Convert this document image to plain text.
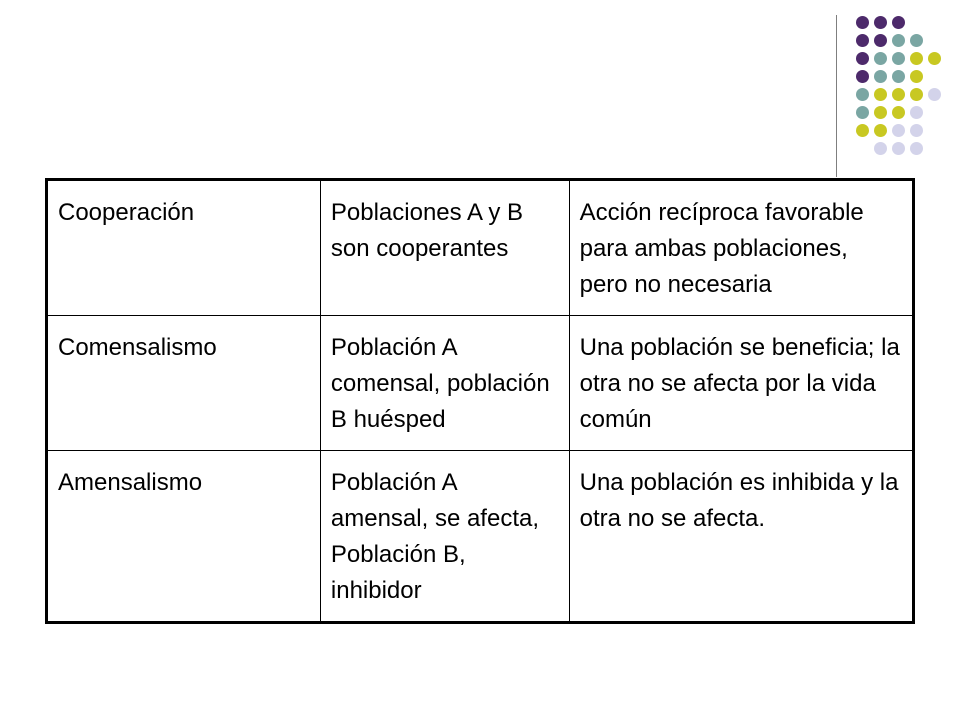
Cooperación	Poblaciones A y B son cooperantes	Acción recíproca favorable para ambas poblaciones, pero no necesaria
Comensalismo	Población A comensal, población B huésped	Una población se beneficia; la otra no se afecta por la vida común
Amensalismo	Población A amensal, se afecta, Población B, inhibidor	Una población es inhibida y la otra no se afecta.
